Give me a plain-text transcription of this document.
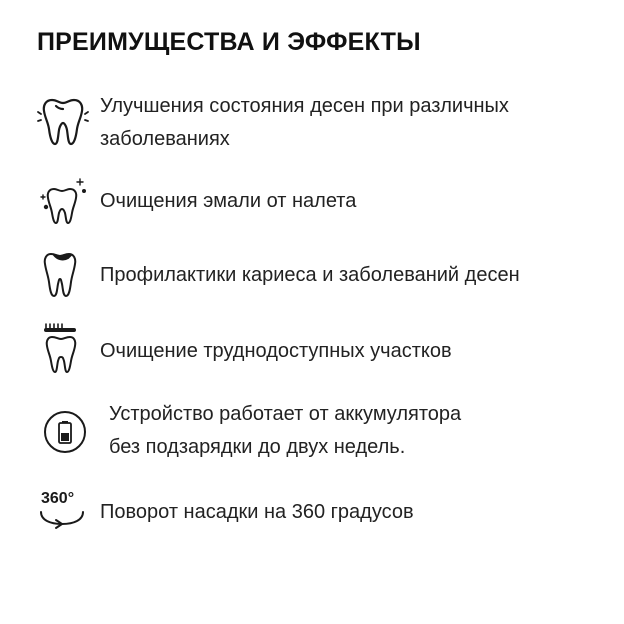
ПРЕИМУЩЕСТВА И ЭФФЕКТЫ
Улучшения состояния десен при различных
заболеваниях
Очищения эмали от налета
Профилактики кариеса и заболеваний десен
Очищение труднодоступных участков
Устройство работает от аккумулятора
без подзарядки до двух недель.
360°
Поворот насадки на 360 градусов
